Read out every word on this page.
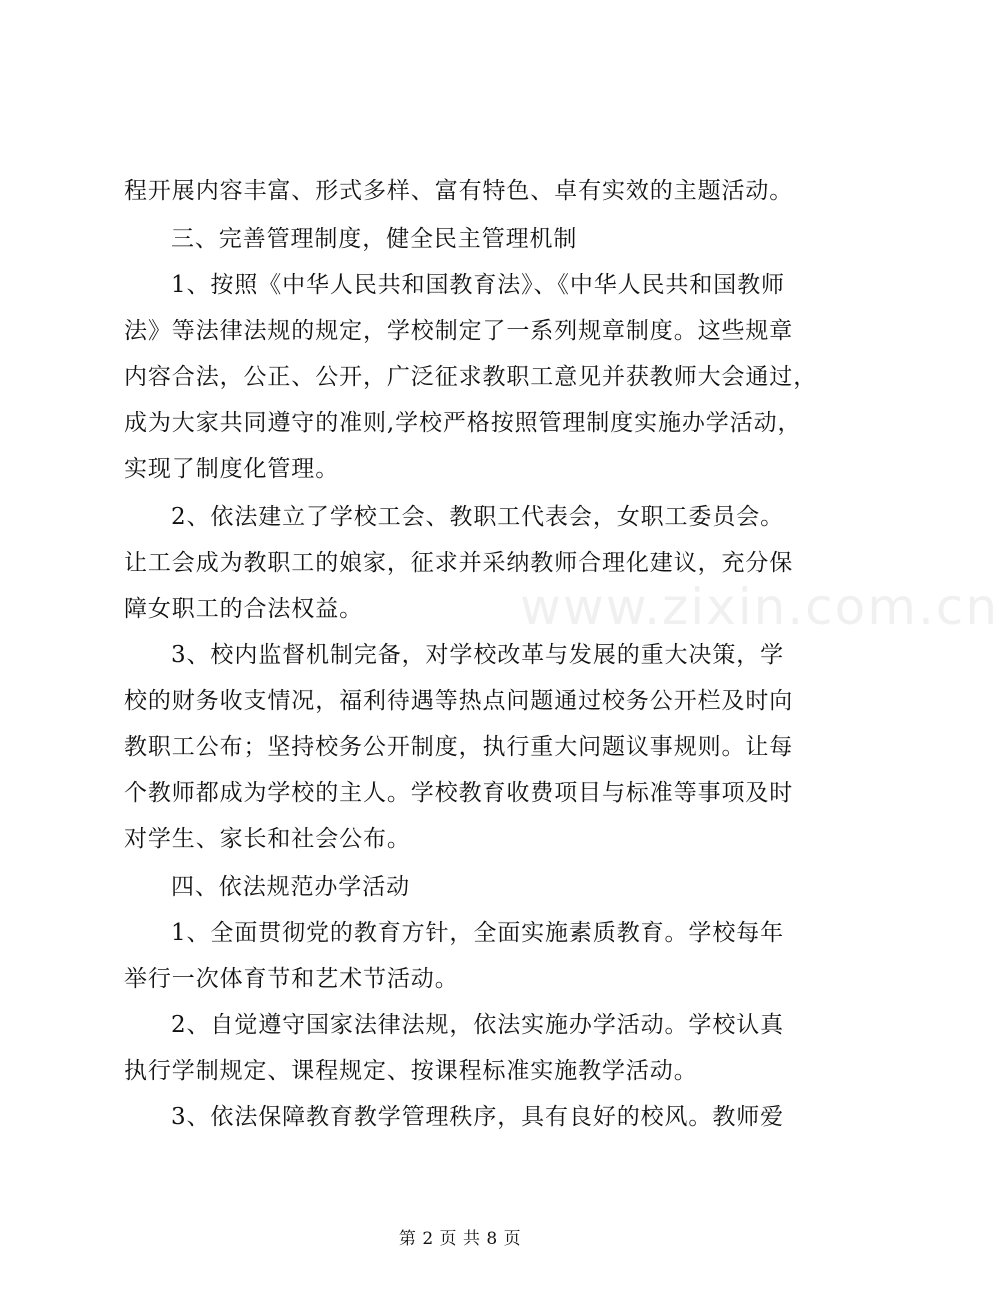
www.zixin.com.cn
程开展内容丰富、形式多样、富有特色、卓有实效的主题活动。
三、完善管理制度，健全民主管理机制
1、按照《中华人民共和国教育法》、《中华人民共和国教师
法》等法律法规的规定，学校制定了一系列规章制度。这些规章
内容合法，公正、公开，广泛征求教职工意见并获教师大会通过，
成为大家共同遵守的准则,学校严格按照管理制度实施办学活动，
实现了制度化管理。
2、依法建立了学校工会、教职工代表会，女职工委员会。
让工会成为教职工的娘家，征求并采纳教师合理化建议，充分保
障女职工的合法权益。
3、校内监督机制完备，对学校改革与发展的重大决策，学
校的财务收支情况，福利待遇等热点问题通过校务公开栏及时向
教职工公布；坚持校务公开制度，执行重大问题议事规则。让每
个教师都成为学校的主人。学校教育收费项目与标准等事项及时
对学生、家长和社会公布。
四、依法规范办学活动
1、全面贯彻党的教育方针，全面实施素质教育。学校每年
举行一次体育节和艺术节活动。
2、自觉遵守国家法律法规，依法实施办学活动。学校认真
执行学制规定、课程规定、按课程标准实施教学活动。
3、依法保障教育教学管理秩序，具有良好的校风。教师爱
第 2 页 共 8 页
